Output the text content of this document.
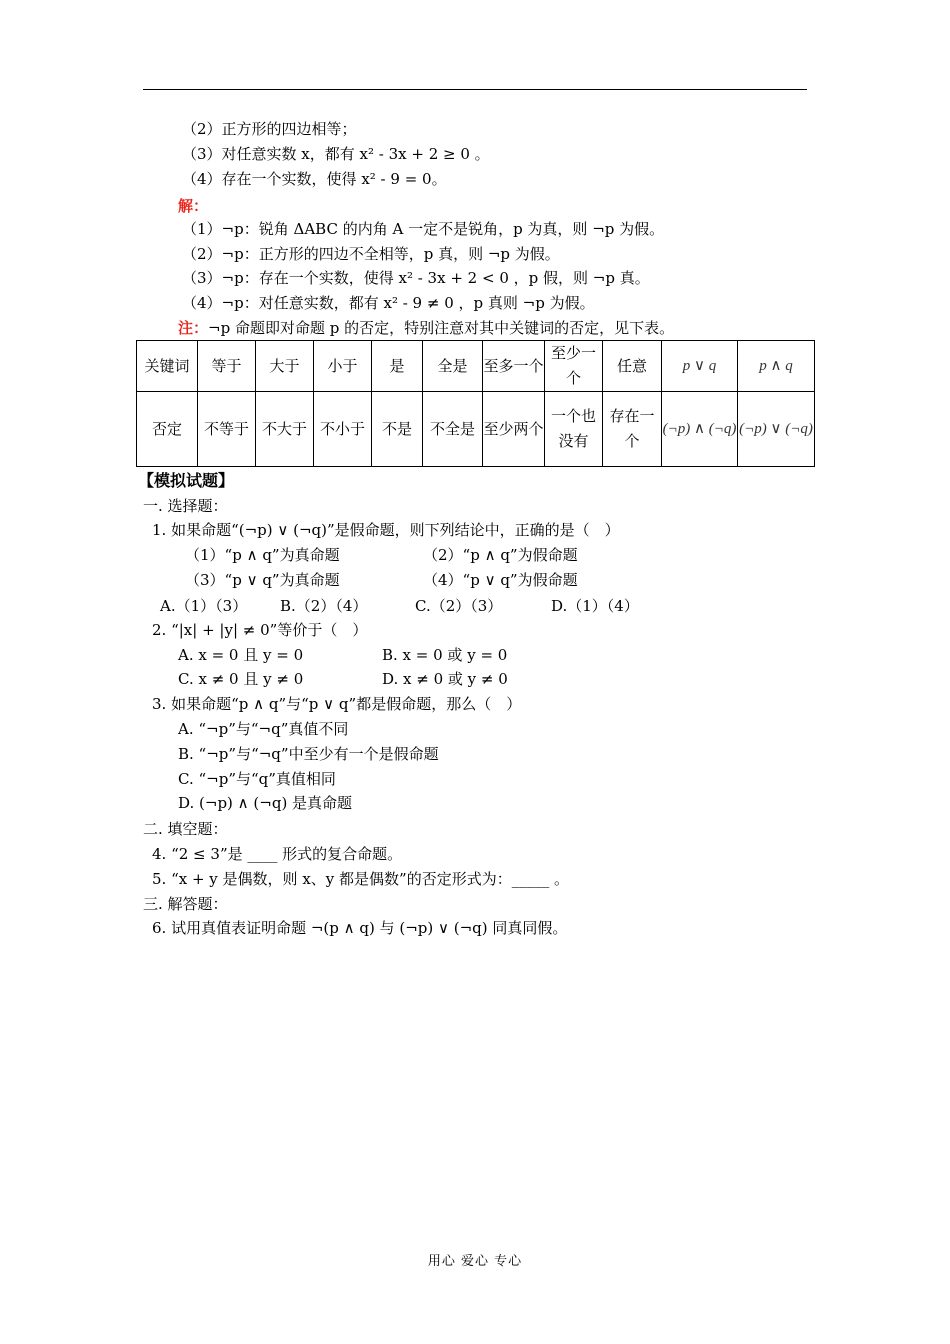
（2）正方形的四边相等；
（3）对任意实数 x，都有 x² - 3x + 2 ≥ 0 。
（4）存在一个实数，使得 x² - 9 = 0。
解：
（1）¬p：锐角 ΔABC 的内角 A 一定不是锐角，p 为真，则 ¬p 为假。
（2）¬p：正方形的四边不全相等，p 真，则 ¬p 为假。
（3）¬p：存在一个实数，使得 x² - 3x + 2 < 0 ，p 假，则 ¬p 真。
（4）¬p：对任意实数，都有 x² - 9 ≠ 0 ，p 真则 ¬p 为假。
注：¬p 命题即对命题 p 的否定，特别注意对其中关键词的否定，见下表。
关键词	等于	大于	小于	是	全是	至多一个	至少一个	任意	p ∨ q	p ∧ q
否定	不等于	不大于	不小于	不是	不全是	至少两个	一个也没有	存在一个	(¬p) ∧ (¬q)	(¬p) ∨ (¬q)
【模拟试题】
一. 选择题：
1. 如果命题“(¬p) ∨ (¬q)”是假命题，则下列结论中，正确的是（　）
（1）“p ∧ q”为真命题	（2）“p ∧ q”为假命题
（3）“p ∨ q”为真命题	（4）“p ∨ q”为假命题
A.（1）（3） B.（2）（4）	C.（2）（3）	D.（1）（4）
2. “|x| + |y| ≠ 0”等价于（　）
A. x = 0 且 y = 0	B. x = 0 或 y = 0
C. x ≠ 0 且 y ≠ 0	D. x ≠ 0 或 y ≠ 0
3. 如果命题“p ∧ q”与“p ∨ q”都是假命题，那么（　）
A. “¬p”与“¬q”真值不同
B. “¬p”与“¬q”中至少有一个是假命题
C. “¬p”与“q”真值相同
D. (¬p) ∧ (¬q) 是真命题
二. 填空题：
4. “2 ≤ 3”是 ____ 形式的复合命题。
5. “x + y 是偶数，则 x、y 都是偶数”的否定形式为：_____ 。
三. 解答题：
6. 试用真值表证明命题 ¬(p ∧ q) 与 (¬p) ∨ (¬q) 同真同假。
用心 爱心 专心
